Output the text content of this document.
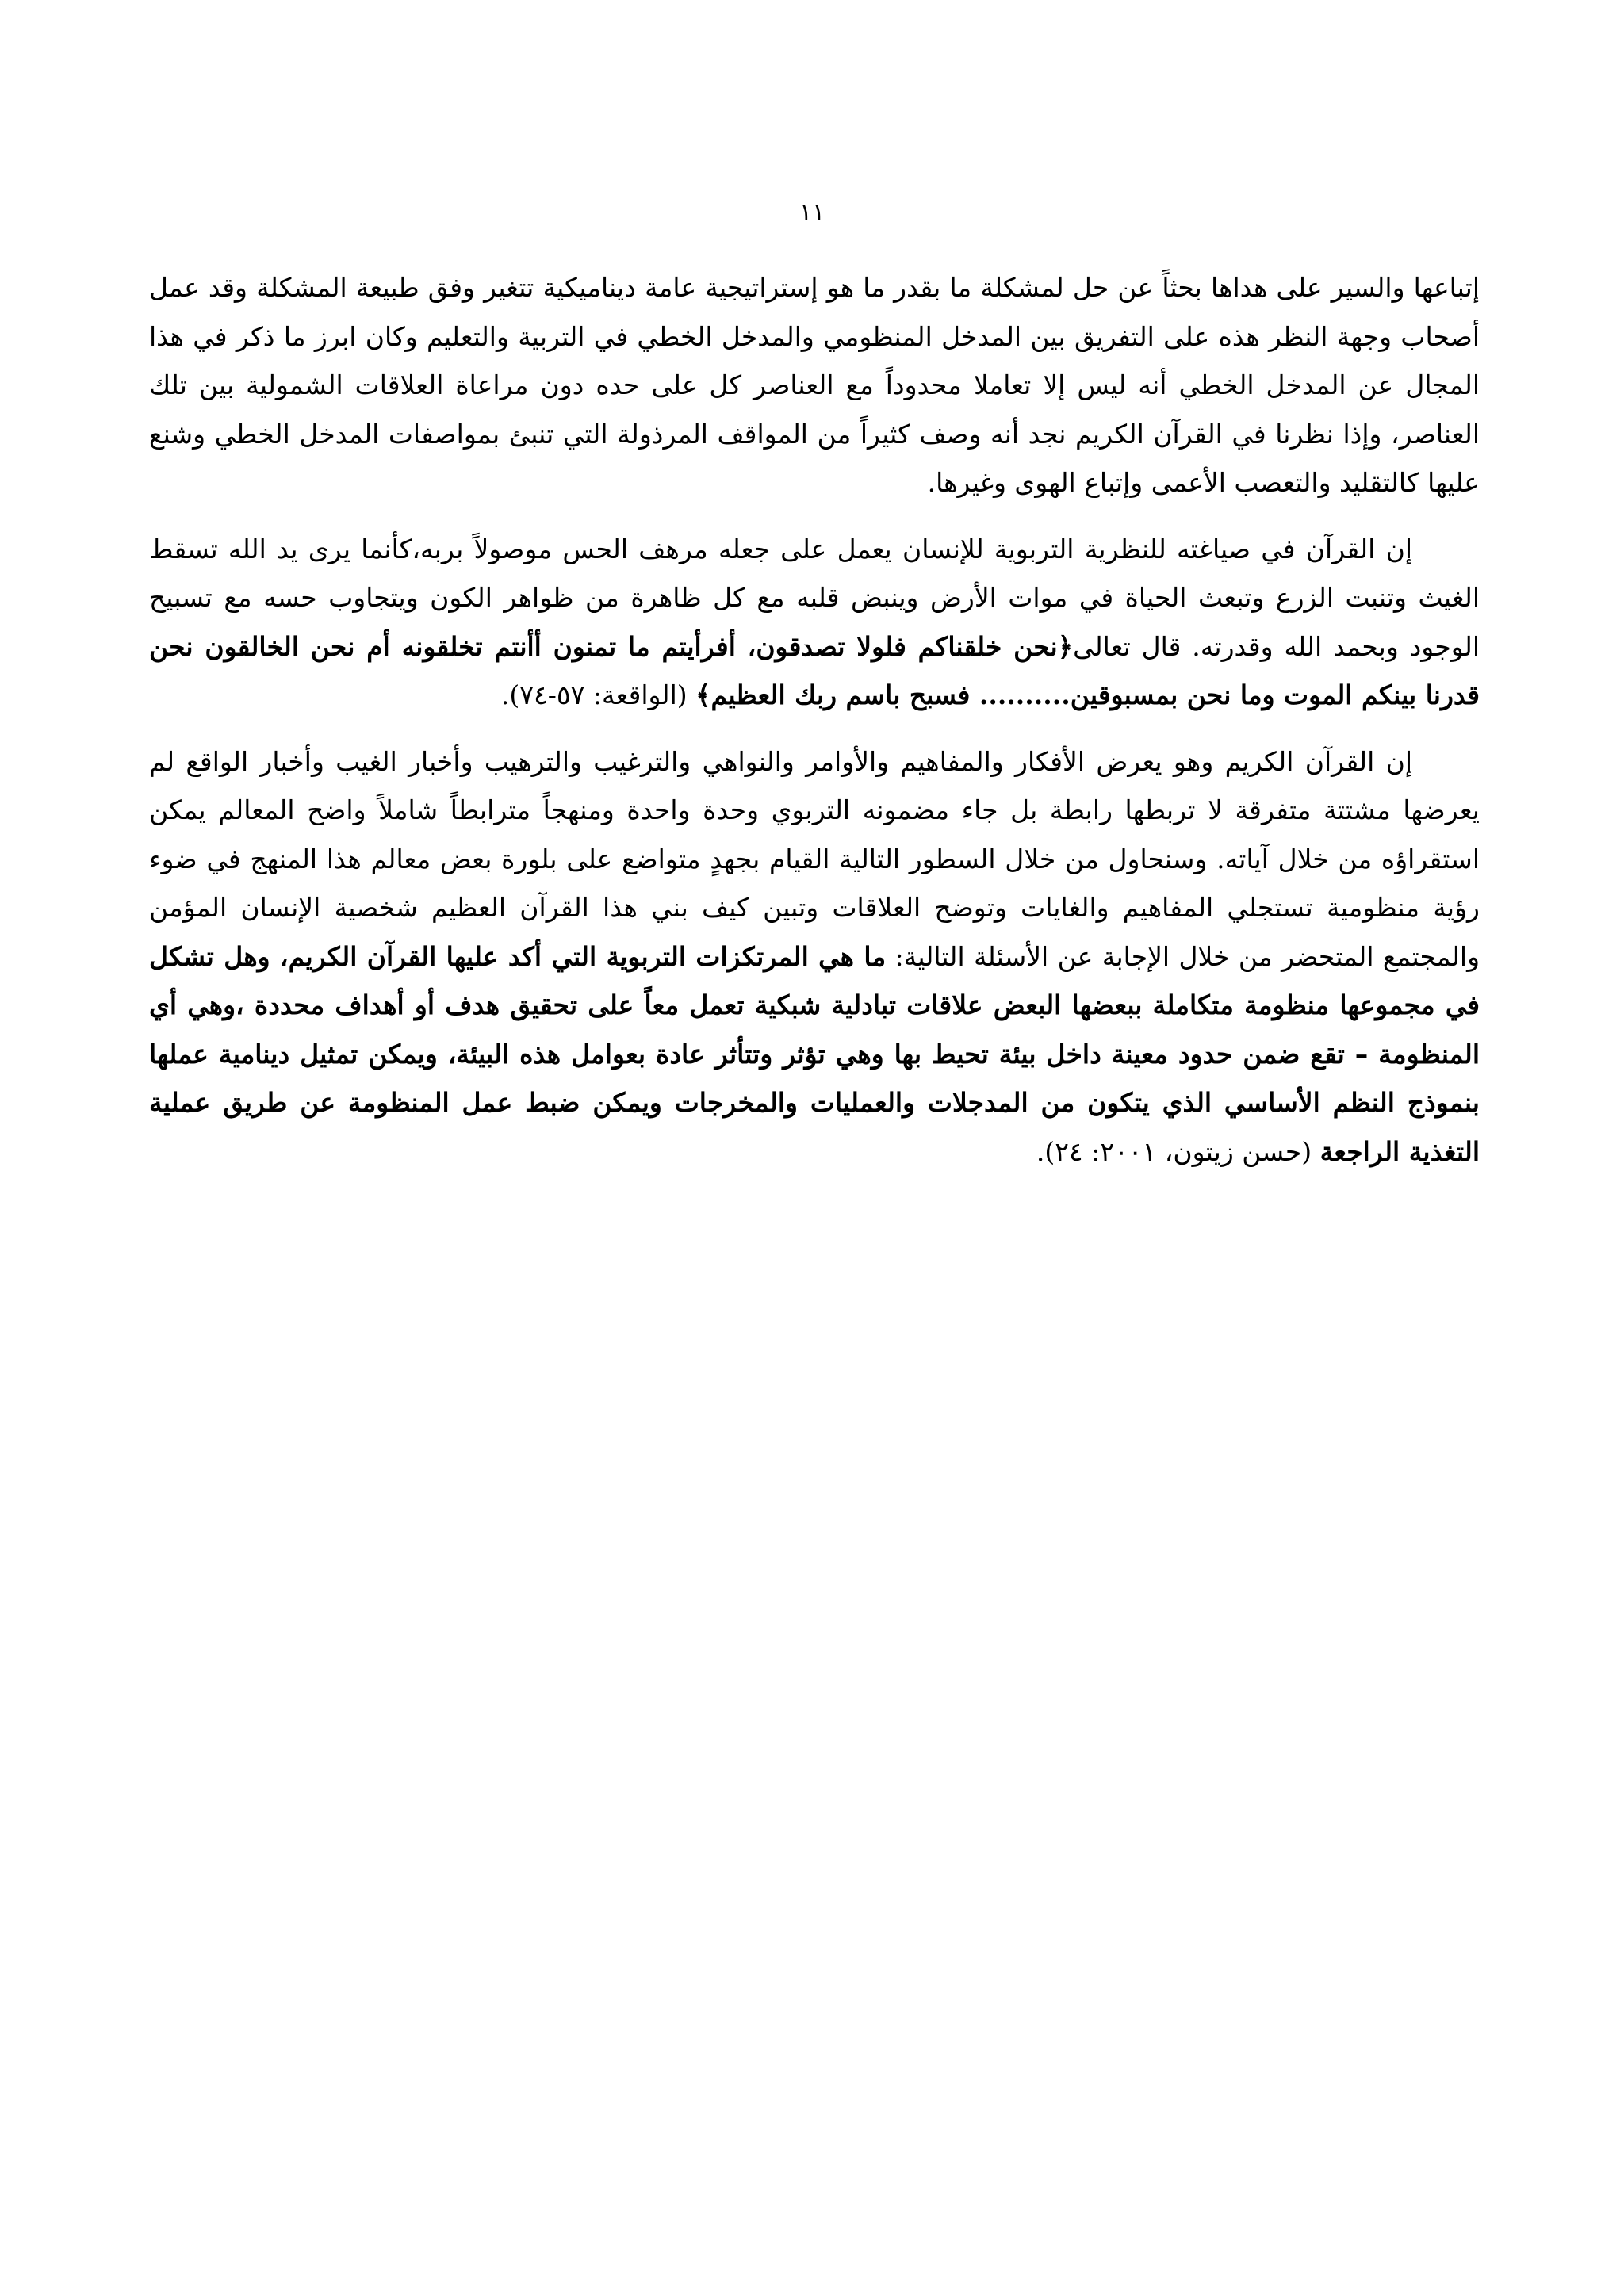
١١

إتباعها والسير على هداها بحثاً عن حل لمشكلة ما بقدر ما هو إستراتيجية عامة ديناميكية تتغير وفق طبيعة المشكلة وقد عمل أصحاب وجهة النظر هذه على التفريق بين المدخل المنظومي والمدخل الخطي في التربية والتعليم وكان ابرز ما ذكر في هذا المجال عن المدخل الخطي أنه ليس إلا تعاملا محدوداً مع العناصر كل على حده دون مراعاة العلاقات الشمولية بين تلك العناصر، وإذا نظرنا في القرآن الكريم نجد أنه وصف كثيراً من المواقف المرذولة التي تنبئ بمواصفات المدخل الخطي وشنع عليها كالتقليد والتعصب الأعمى وإتباع الهوى وغيرها.

إن القرآن في صياغته للنظرية التربوية للإنسان يعمل على جعله مرهف الحس موصولاً بربه،كأنما يرى يد الله تسقط الغيث وتنبت الزرع وتبعث الحياة في موات الأرض وينبض قلبه مع كل ظاهرة من ظواهر الكون ويتجاوب حسه مع تسبيح الوجود وبحمد الله وقدرته. قال تعالى﴿نحن خلقناكم فلولا تصدقون، أفرأيتم ما تمنون أأنتم تخلقونه أم نحن الخالقون نحن قدرنا بينكم الموت وما نحن بمسبوقين.......... فسبح باسم ربك العظيم﴾ (الواقعة: ٥٧-٧٤).

إن القرآن الكريم وهو يعرض الأفكار والمفاهيم والأوامر والنواهي والترغيب والترهيب وأخبار الغيب وأخبار الواقع لم يعرضها مشتتة متفرقة لا تربطها رابطة بل جاء مضمونه التربوي وحدة واحدة ومنهجاً مترابطاً شاملاً واضح المعالم يمكن استقراؤه من خلال آياته. وسنحاول من خلال السطور التالية القيام بجهدٍ متواضع على بلورة بعض معالم هذا المنهج في ضوء رؤية منظومية تستجلي المفاهيم والغايات وتوضح العلاقات وتبين كيف بني هذا القرآن العظيم شخصية الإنسان المؤمن والمجتمع المتحضر من خلال الإجابة عن الأسئلة التالية: ما هي المرتكزات التربوية التي أكد عليها القرآن الكريم، وهل تشكل في مجموعها منظومة متكاملة ببعضها البعض علاقات تبادلية شبكية تعمل معاً على تحقيق هدف أو أهداف محددة ،وهي أي المنظومة – تقع ضمن حدود معينة داخل بيئة تحيط بها وهي تؤثر وتتأثر عادة بعوامل هذه البيئة، ويمكن تمثيل دينامية عملها بنموذج النظم الأساسي الذي يتكون من المدجلات والعمليات والمخرجات ويمكن ضبط عمل المنظومة عن طريق عملية التغذية الراجعة (حسن زيتون، ٢٠٠١: ٢٤).
